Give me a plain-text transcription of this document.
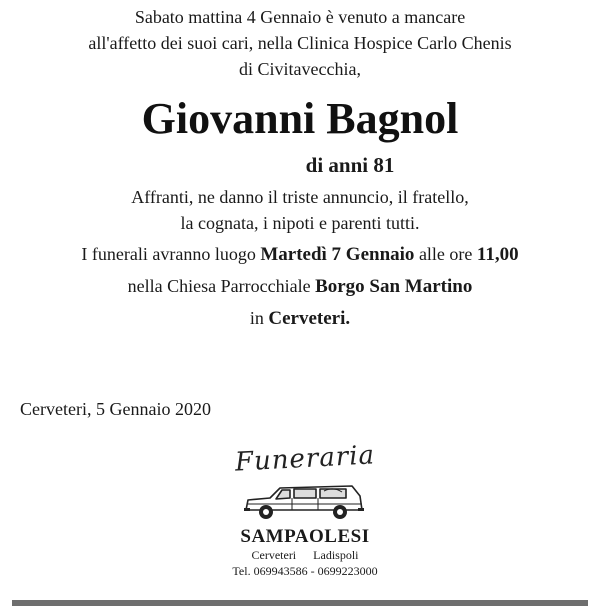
Sabato mattina 4 Gennaio è venuto a mancare
all'affetto dei suoi cari, nella Clinica Hospice Carlo Chenis
di Civitavecchia,
Giovanni Bagnol
di anni 81
Affranti, ne danno il triste annuncio, il fratello,
la cognata, i nipoti e parenti tutti.
I funerali avranno luogo Martedì 7 Gennaio alle ore 11,00
nella Chiesa Parrocchiale Borgo San Martino
in Cerveteri.
Cerveteri, 5 Gennaio 2020
Funeraria
SAMPAOLESI
Cerveteri Ladispoli
Tel. 069943586 - 0699223000
